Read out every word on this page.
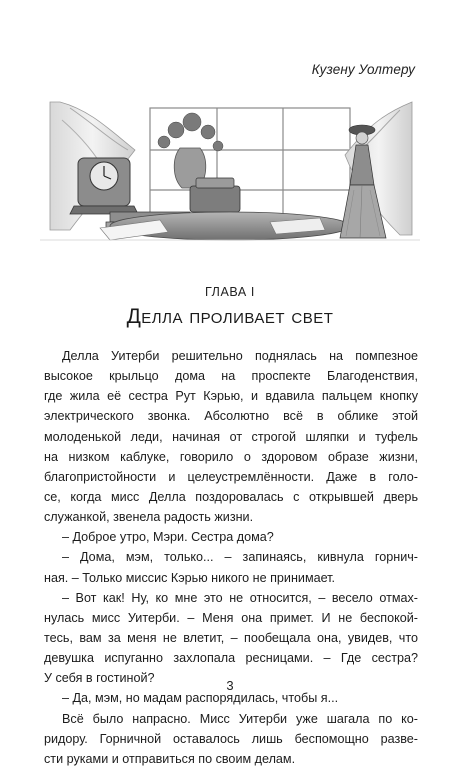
Кузену Уолтеру
ГЛАВА I
Делла проливает свет
Делла Уитерби решительно поднялась на помпезное
высокое крыльцо дома на проспекте Благоденствия,
где жила её сестра Рут Кэрью, и вдавила пальцем кнопку
электрического звонка. Абсолютно всё в облике этой
молоденькой леди, начиная от строгой шляпки и туфель
на низком каблуке, говорило о здоровом образе жизни,
благопристойности и целеустремлённости. Даже в голо-
се, когда мисс Делла поздоровалась с открывшей дверь
служанкой, звенела радость жизни.
– Доброе утро, Мэри. Сестра дома?
– Дома, мэм, только... – запинаясь, кивнула горнич-
ная. – Только миссис Кэрью никого не принимает.
– Вот как! Ну, ко мне это не относится, – весело отмах-
нулась мисс Уитерби. – Меня она примет. И не беспокой-
тесь, вам за меня не влетит, – пообещала она, увидев, что
девушка испуганно захлопала ресницами. – Где сестра?
У себя в гостиной?
– Да, мэм, но мадам распорядилась, чтобы я...
Всё было напрасно. Мисс Уитерби уже шагала по ко-
ридору. Горничной оставалось лишь беспомощно разве-
сти руками и отправиться по своим делам.
3
